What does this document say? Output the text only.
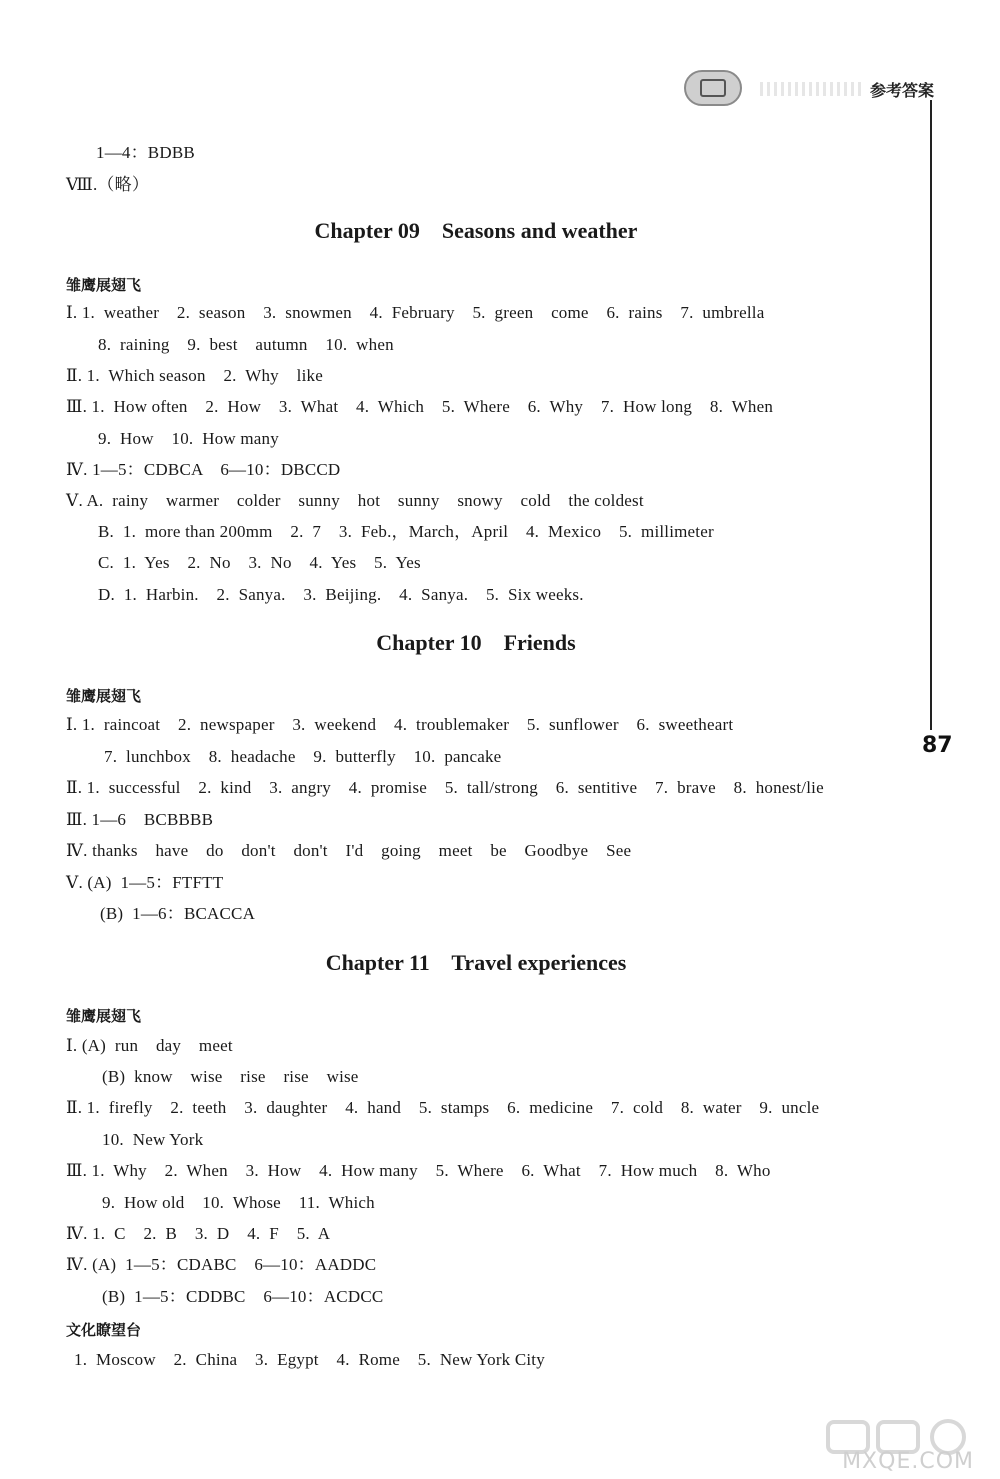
参考答案
87
1—4：BDBB
Ⅷ.（略）
Chapter 09    Seasons and weather
雏鹰展翅飞
Ⅰ. 1.  weather    2.  season    3.  snowmen    4.  February    5.  green    come    6.  rains    7.  umbrella
8.  raining    9.  best    autumn    10.  when
Ⅱ. 1.  Which season    2.  Why    like
Ⅲ. 1.  How often    2.  How    3.  What    4.  Which    5.  Where    6.  Why    7.  How long    8.  When
9.  How    10.  How many
Ⅳ. 1—5：CDBCA    6—10：DBCCD
Ⅴ. A.  rainy    warmer    colder    sunny    hot    sunny    snowy    cold    the coldest
B.  1.  more than 200mm    2.  7    3.  Feb.，March，April    4.  Mexico    5.  millimeter
C.  1.  Yes    2.  No    3.  No    4.  Yes    5.  Yes
D.  1.  Harbin.    2.  Sanya.    3.  Beijing.    4.  Sanya.    5.  Six weeks.
Chapter 10    Friends
雏鹰展翅飞
Ⅰ. 1.  raincoat    2.  newspaper    3.  weekend    4.  troublemaker    5.  sunflower    6.  sweetheart
7.  lunchbox    8.  headache    9.  butterfly    10.  pancake
Ⅱ. 1.  successful    2.  kind    3.  angry    4.  promise    5.  tall/strong    6.  sentitive    7.  brave    8.  honest/lie
Ⅲ. 1—6    BCBBBB
Ⅳ. thanks    have    do    don't    don't    I'd    going    meet    be    Goodbye    See
Ⅴ. (A)  1—5：FTFTT
(B)  1—6：BCACCA
Chapter 11    Travel experiences
雏鹰展翅飞
Ⅰ. (A)  run    day    meet
(B)  know    wise    rise    rise    wise
Ⅱ. 1.  firefly    2.  teeth    3.  daughter    4.  hand    5.  stamps    6.  medicine    7.  cold    8.  water    9.  uncle
10.  New York
Ⅲ. 1.  Why    2.  When    3.  How    4.  How many    5.  Where    6.  What    7.  How much    8.  Who
9.  How old    10.  Whose    11.  Which
Ⅳ. 1.  C    2.  B    3.  D    4.  F    5.  A
Ⅳ. (A)  1—5：CDABC    6—10：AADDC
(B)  1—5：CDDBC    6—10：ACDCC
文化瞭望台
1.  Moscow    2.  China    3.  Egypt    4.  Rome    5.  New York City
MXQE.COM
